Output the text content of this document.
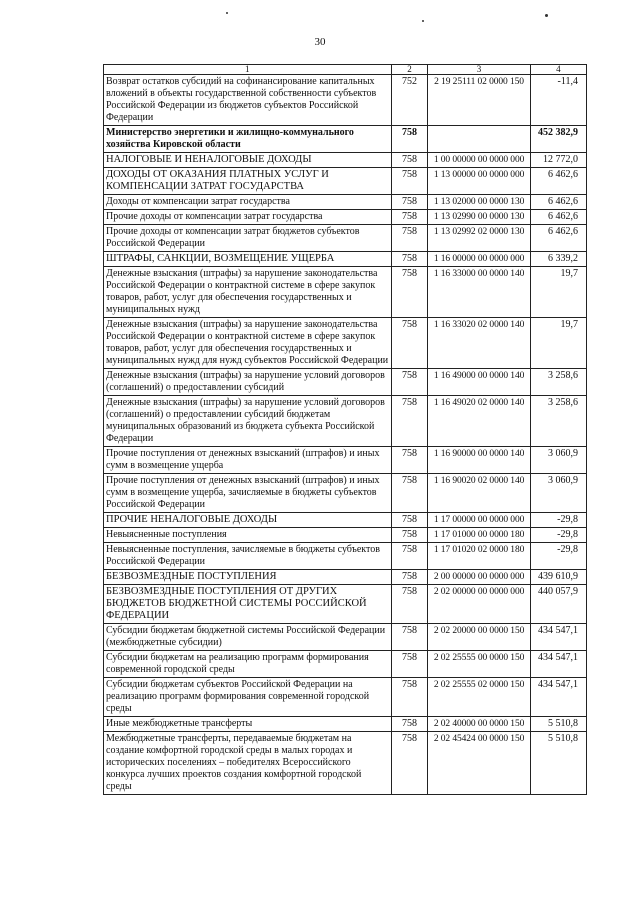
30
1	2	3	4
Возврат остатков субсидий на софинансирование капитальных вложений в объекты государственной собственности субъектов Российской Федерации из бюджетов субъектов Российской Федерации	752	2 19 25111 02 0000 150	-11,4
Министерство энергетики и жилищно-коммунального хозяйства Кировской области	758		452 382,9
НАЛОГОВЫЕ И НЕНАЛОГОВЫЕ ДОХОДЫ	758	1 00 00000 00 0000 000	12 772,0
ДОХОДЫ ОТ ОКАЗАНИЯ ПЛАТНЫХ УСЛУГ И КОМПЕНСАЦИИ ЗАТРАТ ГОСУДАРСТВА	758	1 13 00000 00 0000 000	6 462,6
Доходы от компенсации затрат государства	758	1 13 02000 00 0000 130	6 462,6
Прочие доходы от компенсации затрат государства	758	1 13 02990 00 0000 130	6 462,6
Прочие доходы от компенсации затрат бюджетов субъектов Российской Федерации	758	1 13 02992 02 0000 130	6 462,6
ШТРАФЫ, САНКЦИИ, ВОЗМЕЩЕНИЕ УЩЕРБА	758	1 16 00000 00 0000 000	6 339,2
Денежные взыскания (штрафы) за нарушение законодательства Российской Федерации о контрактной системе в сфере закупок товаров, работ, услуг для обеспечения государственных и муниципальных нужд	758	1 16 33000 00 0000 140	19,7
Денежные взыскания (штрафы) за нарушение законодательства Российской Федерации о контрактной системе в сфере закупок товаров, работ, услуг для обеспечения государственных и муниципальных нужд для нужд субъектов Российской Федерации	758	1 16 33020 02 0000 140	19,7
Денежные взыскания (штрафы) за нарушение условий договоров (соглашений) о предоставлении субсидий	758	1 16 49000 00 0000 140	3 258,6
Денежные взыскания (штрафы) за нарушение условий договоров (соглашений) о предоставлении субсидий бюджетам муниципальных образований из бюджета субъекта Российской Федерации	758	1 16 49020 02 0000 140	3 258,6
Прочие поступления от денежных взысканий (штрафов) и иных сумм в возмещение ущерба	758	1 16 90000 00 0000 140	3 060,9
Прочие поступления от денежных взысканий (штрафов) и иных сумм в возмещение ущерба, зачисляемые в бюджеты субъектов Российской Федерации	758	1 16 90020 02 0000 140	3 060,9
ПРОЧИЕ НЕНАЛОГОВЫЕ ДОХОДЫ	758	1 17 00000 00 0000 000	-29,8
Невыясненные поступления	758	1 17 01000 00 0000 180	-29,8
Невыясненные поступления, зачисляемые в бюджеты субъектов Российской Федерации	758	1 17 01020 02 0000 180	-29,8
БЕЗВОЗМЕЗДНЫЕ ПОСТУПЛЕНИЯ	758	2 00 00000 00 0000 000	439 610,9
БЕЗВОЗМЕЗДНЫЕ ПОСТУПЛЕНИЯ ОТ ДРУГИХ БЮДЖЕТОВ БЮДЖЕТНОЙ СИСТЕМЫ РОССИЙСКОЙ ФЕДЕРАЦИИ	758	2 02 00000 00 0000 000	440 057,9
Субсидии бюджетам бюджетной системы Российской Федерации (межбюджетные субсидии)	758	2 02 20000 00 0000 150	434 547,1
Субсидии бюджетам на реализацию программ формирования современной городской среды	758	2 02 25555 00 0000 150	434 547,1
Субсидии бюджетам субъектов Российской Федерации на реализацию программ формирования современной городской среды	758	2 02 25555 02 0000 150	434 547,1
Иные межбюджетные трансферты	758	2 02 40000 00 0000 150	5 510,8
Межбюджетные трансферты, передаваемые бюджетам на создание комфортной городской среды в малых городах и исторических поселениях – победителях Всероссийского конкурса лучших проектов создания комфортной городской среды	758	2 02 45424 00 0000 150	5 510,8
